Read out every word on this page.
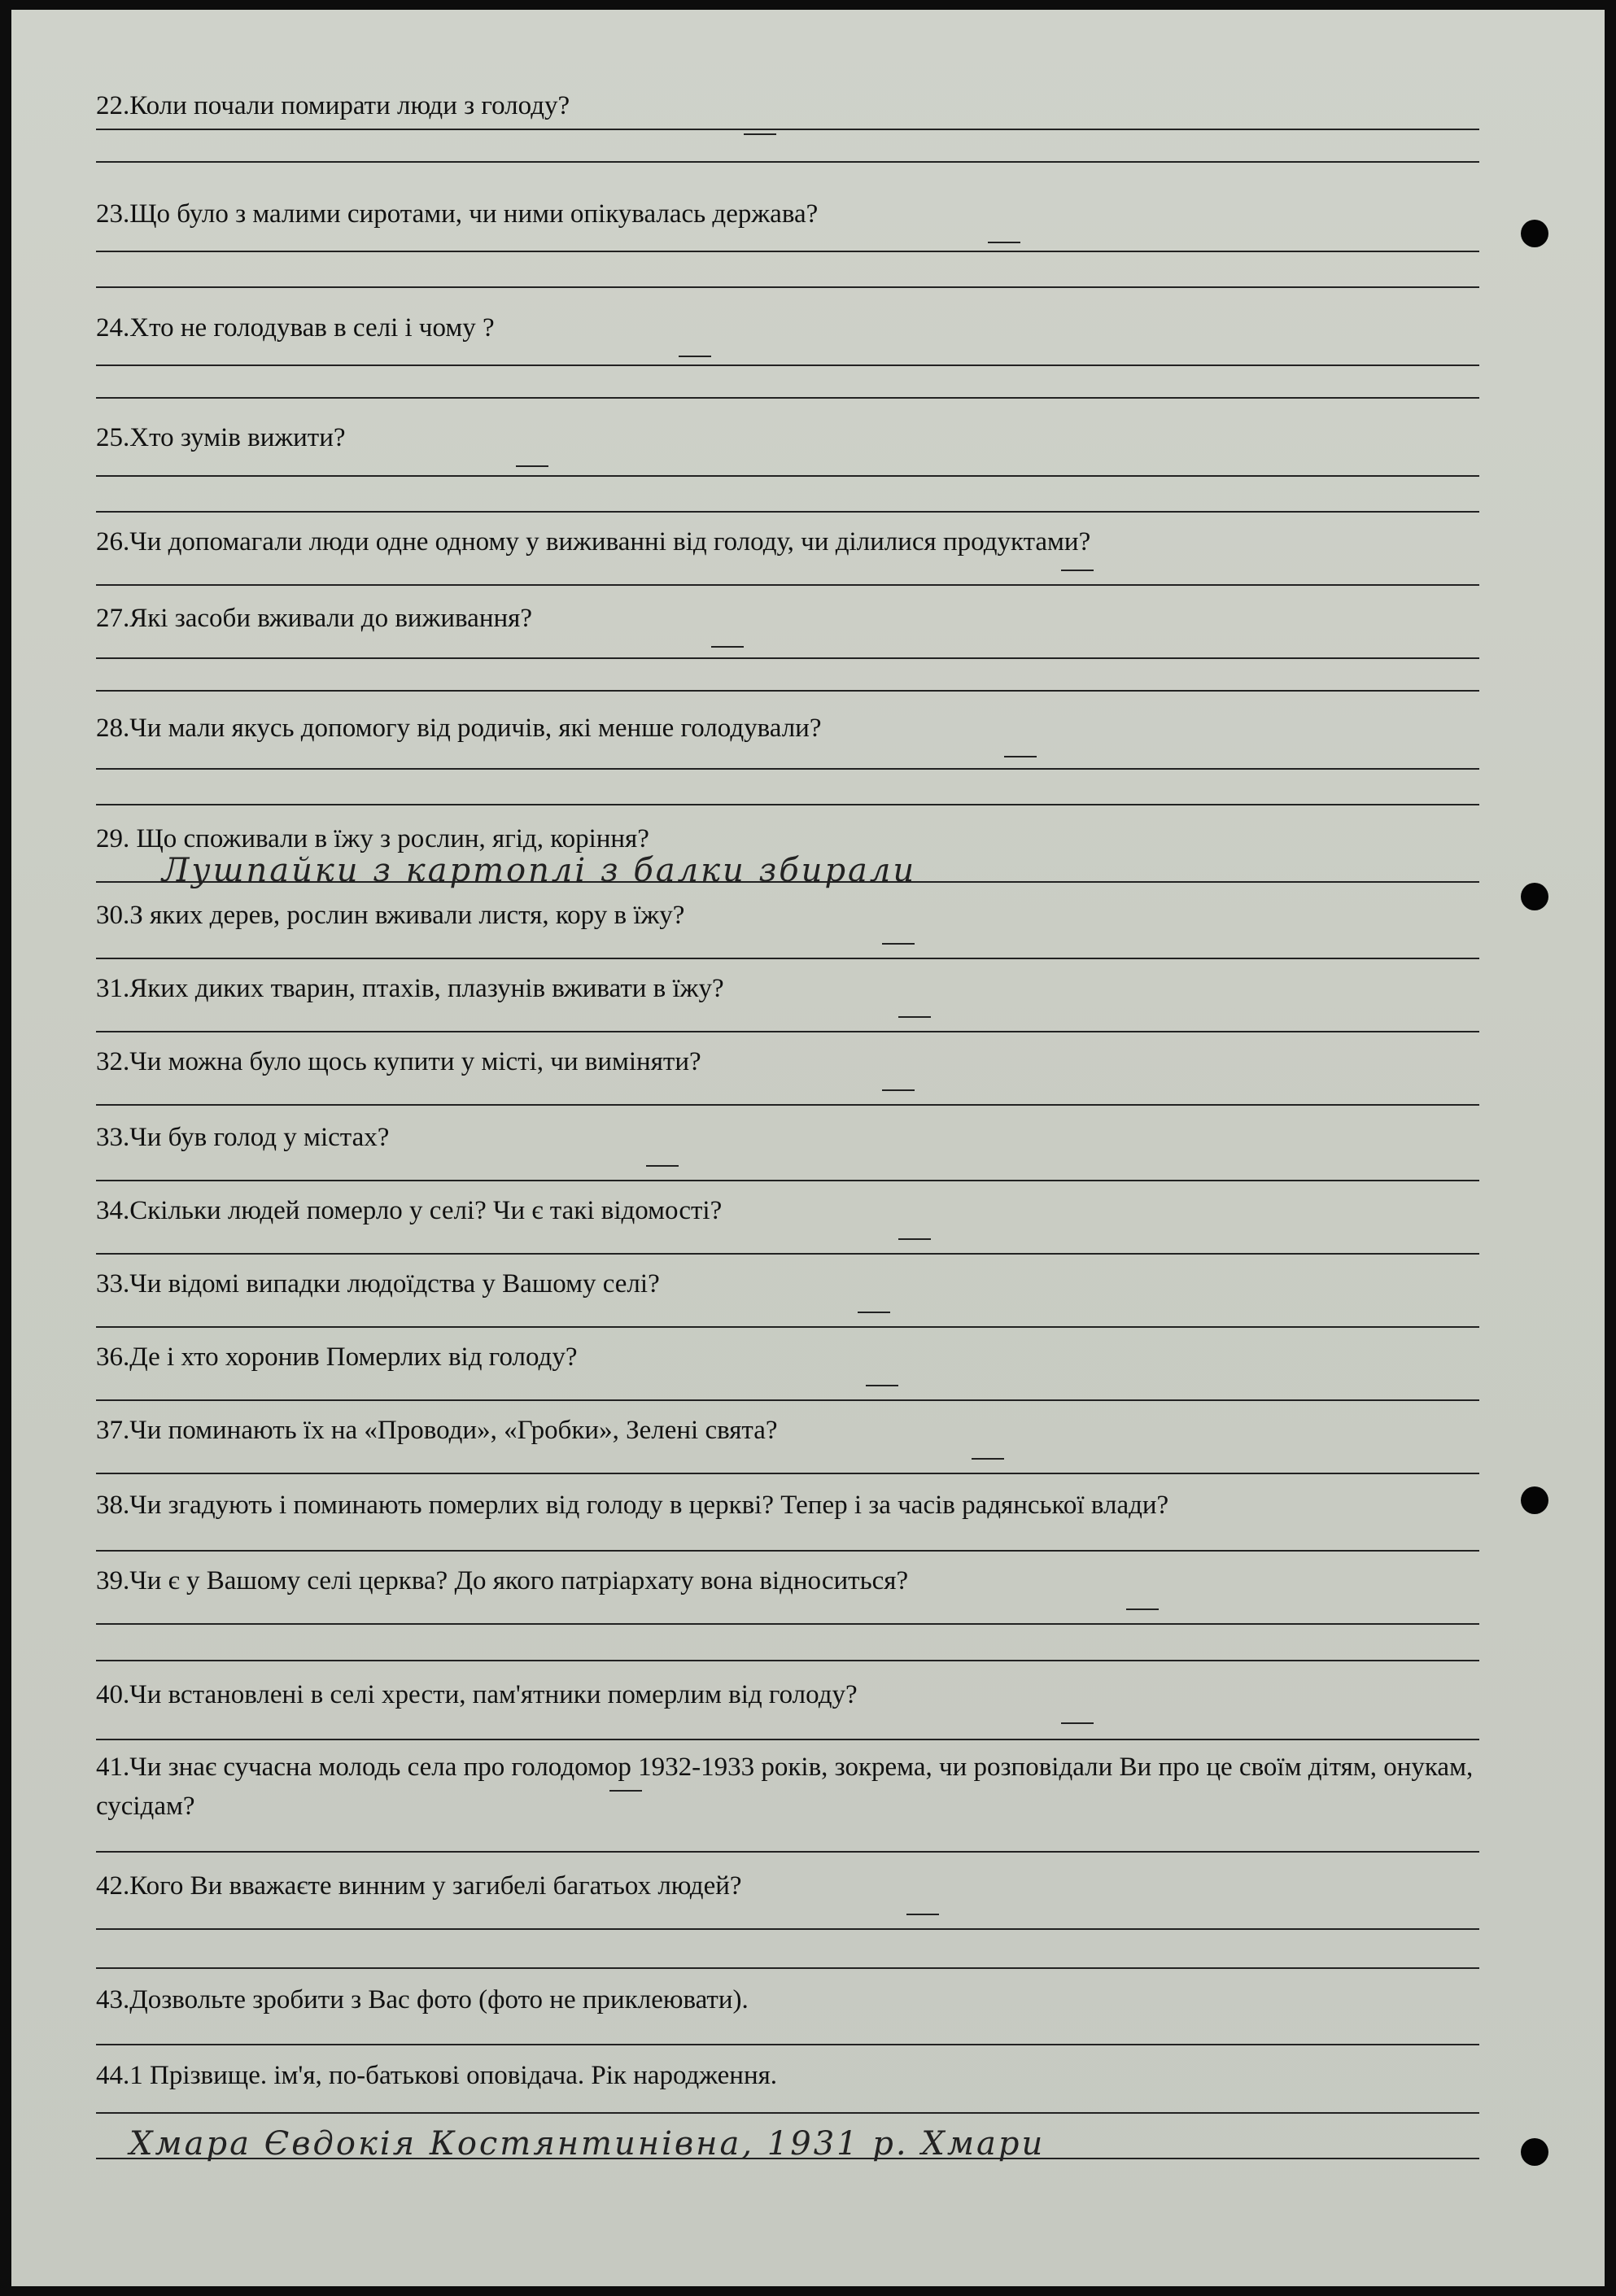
22.Коли почали помирати люди з голоду?
23.Що було з малими сиротами, чи ними опікувалась держава?
24.Хто не голодував в селі і чому ?
25.Хто зумів вижити?
26.Чи допомагали люди одне одному у виживанні від голоду, чи ділилися продуктами?
27.Які засоби вживали до виживання?
28.Чи мали якусь допомогу від родичів, які менше голодували?
29. Що споживали в їжу з рослин, ягід, коріння?
30.З яких дерев, рослин вживали листя, кору в їжу?
31.Яких диких тварин, птахів, плазунів вживати в їжу?
32.Чи можна було щось купити у місті, чи виміняти?
33.Чи був голод у містах?
34.Скільки людей померло у селі? Чи є такі відомості?
33.Чи відомі випадки людоїдства у Вашому селі?
36.Де і хто хоронив Померлих від голоду?
37.Чи поминають їх на «Проводи», «Гробки», Зелені свята?
38.Чи згадують і поминають померлих від голоду в церкві? Тепер і за часів радянської влади?
39.Чи є у Вашому селі церква? До якого патріархату вона відноситься?
40.Чи встановлені в селі хрести, пам'ятники померлим від голоду?
41.Чи знає сучасна молодь села про голодомор 1932-1933 років, зокрема, чи розповідали Ви про це своїм дітям, онукам, сусідам?
42.Кого Ви вважаєте винним у загибелі багатьох людей?
43.Дозвольте зробити з Вас фото (фото не приклеювати).
44.1 Прізвище. ім'я, по-батькові оповідача. Рік народження.
Лушпайки з картоплі з балки збирали
Хмара Євдокія Костянтинівна, 1931 р. Хмари
